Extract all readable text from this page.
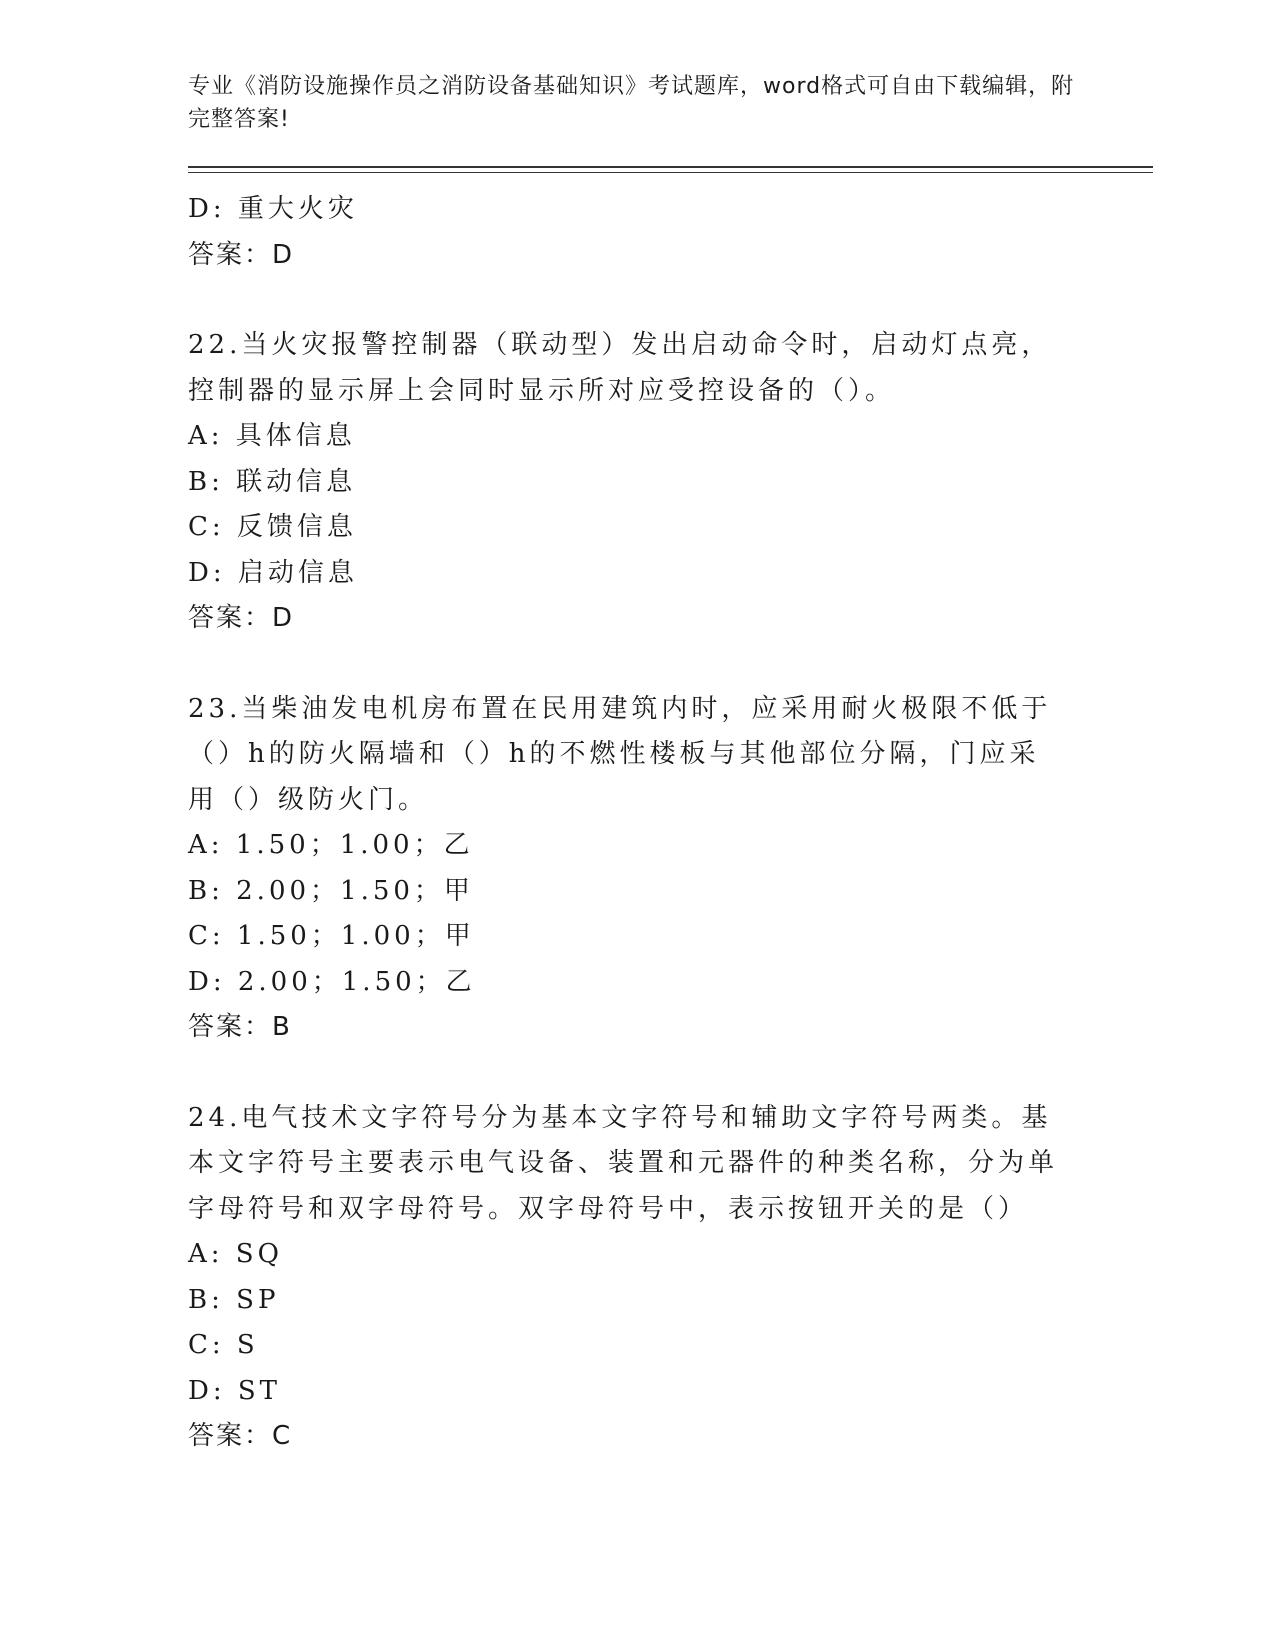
专业《消防设施操作员之消防设备基础知识》考试题库，word格式可自由下载编辑，附完整答案!
D: 重大火灾
答案：D
22.当火灾报警控制器（联动型）发出启动命令时，启动灯点亮，控制器的显示屏上会同时显示所对应受控设备的（）。
A: 具体信息
B: 联动信息
C: 反馈信息
D: 启动信息
答案：D
23.当柴油发电机房布置在民用建筑内时，应采用耐火极限不低于（）h的防火隔墙和（）h的不燃性楼板与其他部位分隔，门应采用（）级防火门。
A: 1.50；1.00；乙
B: 2.00；1.50；甲
C: 1.50；1.00；甲
D: 2.00；1.50；乙
答案：B
24.电气技术文字符号分为基本文字符号和辅助文字符号两类。基本文字符号主要表示电气设备、装置和元器件的种类名称，分为单字母符号和双字母符号。双字母符号中，表示按钮开关的是（）
A: SQ
B: SP
C: S
D: ST
答案：C
